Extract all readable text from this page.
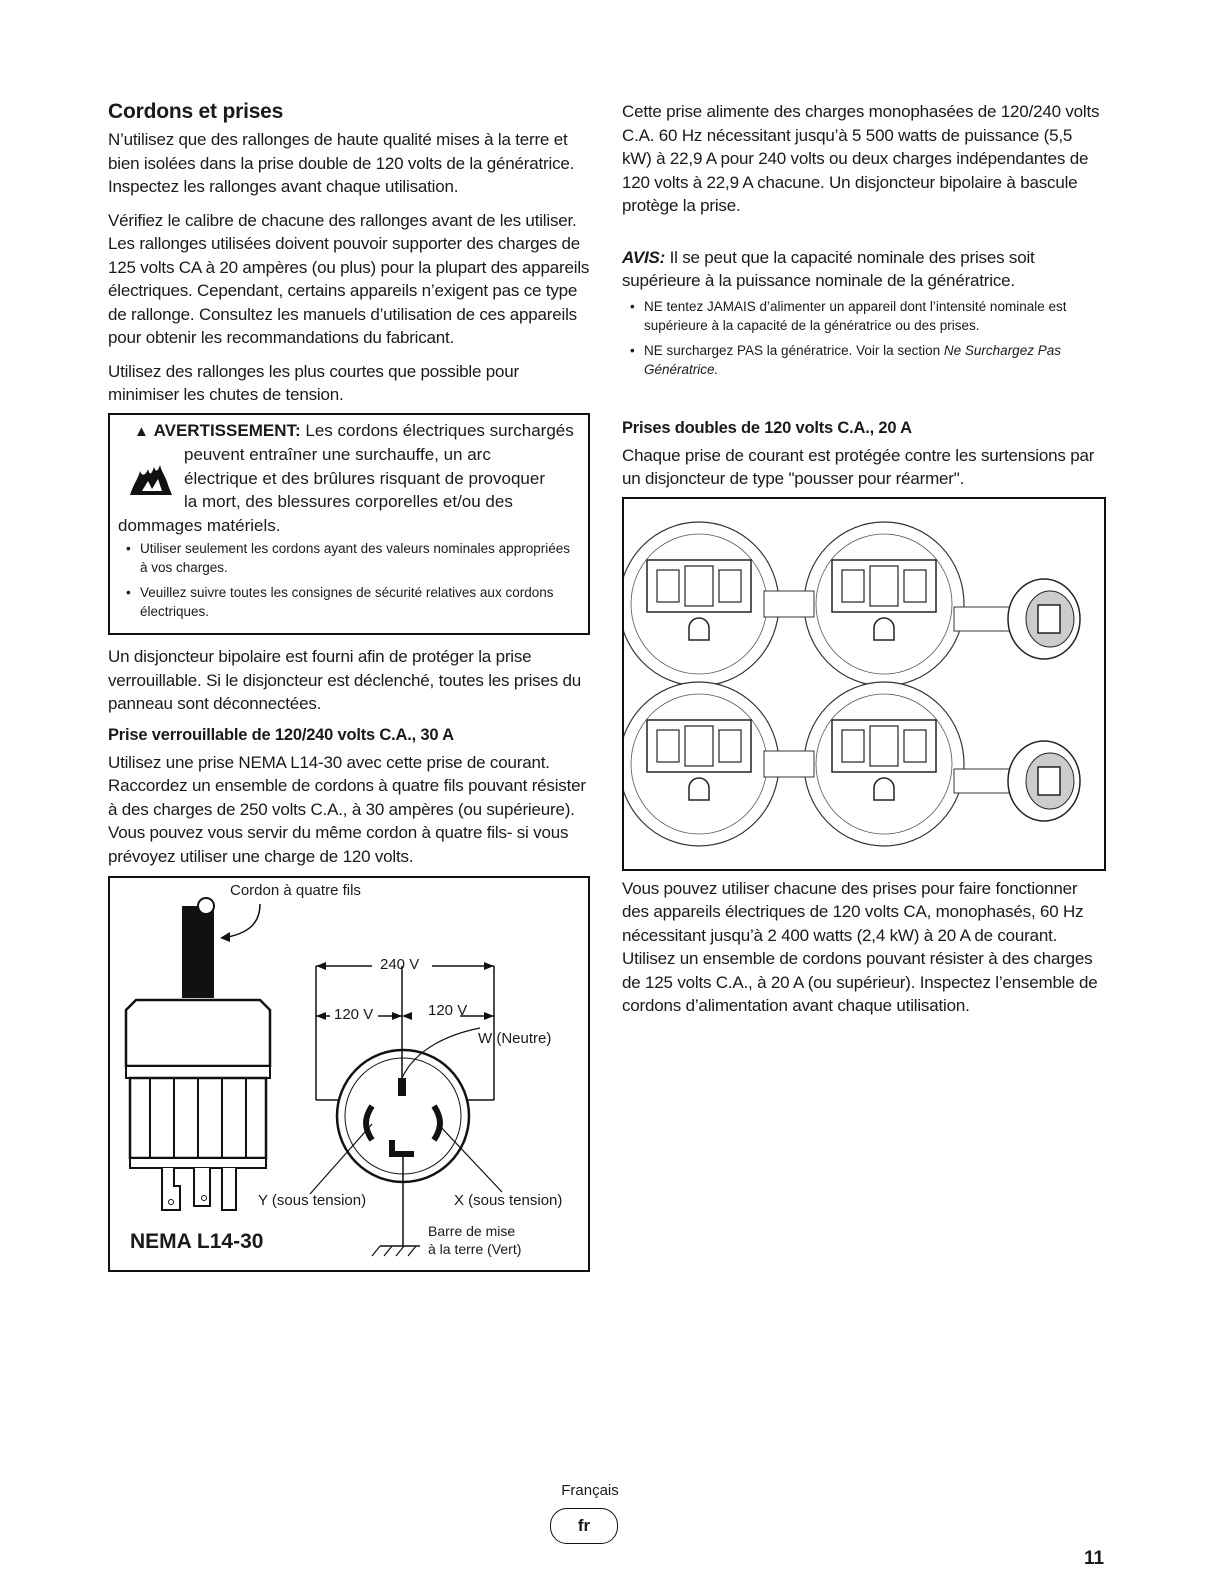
Cordons et prises

N’utilisez que des rallonges de haute qualité mises à la terre et bien isolées dans la prise double de 120 volts de la génératrice. Inspectez les rallonges avant chaque utilisation.

Vérifiez le calibre de chacune des rallonges avant de les utiliser. Les rallonges utilisées doivent pouvoir supporter des charges de 125 volts CA à 20 ampères (ou plus) pour la plupart des appareils électriques. Cependant, certains appareils n’exigent pas ce type de rallonge. Consultez les manuels d’utilisation de ces appareils pour obtenir les recommandations du fabricant.

Utilisez des rallonges les plus courtes que possible pour minimiser les chutes de tension.

▲ AVERTISSEMENT: Les cordons électriques surchargés
peuvent entraîner une surchauffe, un arc
électrique et des brûlures risquant de provoquer
la mort, des blessures corporelles et/ou des
dommages matériels.
• Utiliser seulement les cordons ayant des valeurs nominales appropriées à vos charges.
• Veuillez suivre toutes les consignes de sécurité relatives aux cordons électriques.

Un disjoncteur bipolaire est fourni afin de protéger la prise verrouillable. Si le disjoncteur est déclenché, toutes les prises du panneau sont déconnectées.

Prise verrouillable de 120/240 volts C.A., 30 A

Utilisez une prise NEMA L14-30 avec cette prise de courant. Raccordez un ensemble de cordons à quatre fils pouvant résister à des charges de 250 volts C.A., à 30 ampères (ou supérieure). Vous pouvez vous servir du même cordon à quatre fils- si vous prévoyez utiliser une charge de 120 volts.

Cordon à quatre fils
240 V
120 V	120 V
W (Neutre)
Y (sous tension)	X (sous tension)
Barre de mise
à la terre (Vert)
NEMA L14-30

Cette prise alimente des charges monophasées de 120/240 volts C.A. 60 Hz nécessitant jusqu’à 5 500 watts de puissance (5,5 kW) à 22,9 A pour 240 volts ou deux charges indépendantes de 120 volts à 22,9 A chacune. Un disjoncteur bipolaire à bascule protège la prise.

AVIS: Il se peut que la capacité nominale des prises soit supérieure à la puissance nominale de la génératrice.

• NE tentez JAMAIS d’alimenter un appareil dont l’intensité nominale est supérieure à la capacité de la génératrice ou des prises.
• NE surchargez PAS la génératrice. Voir la section Ne Surchargez Pas Génératrice.
Prises doubles de 120 volts C.A., 20 A

Chaque prise de courant est protégée contre les surtensions par un disjoncteur de type "pousser pour réarmer".

Vous pouvez utiliser chacune des prises pour faire fonctionner des appareils électriques de 120 volts CA, monophasés, 60 Hz nécessitant jusqu’à 2 400 watts (2,4 kW) à 20 A de courant. Utilisez un ensemble de cordons pouvant résister à des charges de 125 volts C.A., à 20 A (ou supérieur). Inspectez l’ensemble de cordons d’alimentation avant chaque utilisation.

Français
fr
11
